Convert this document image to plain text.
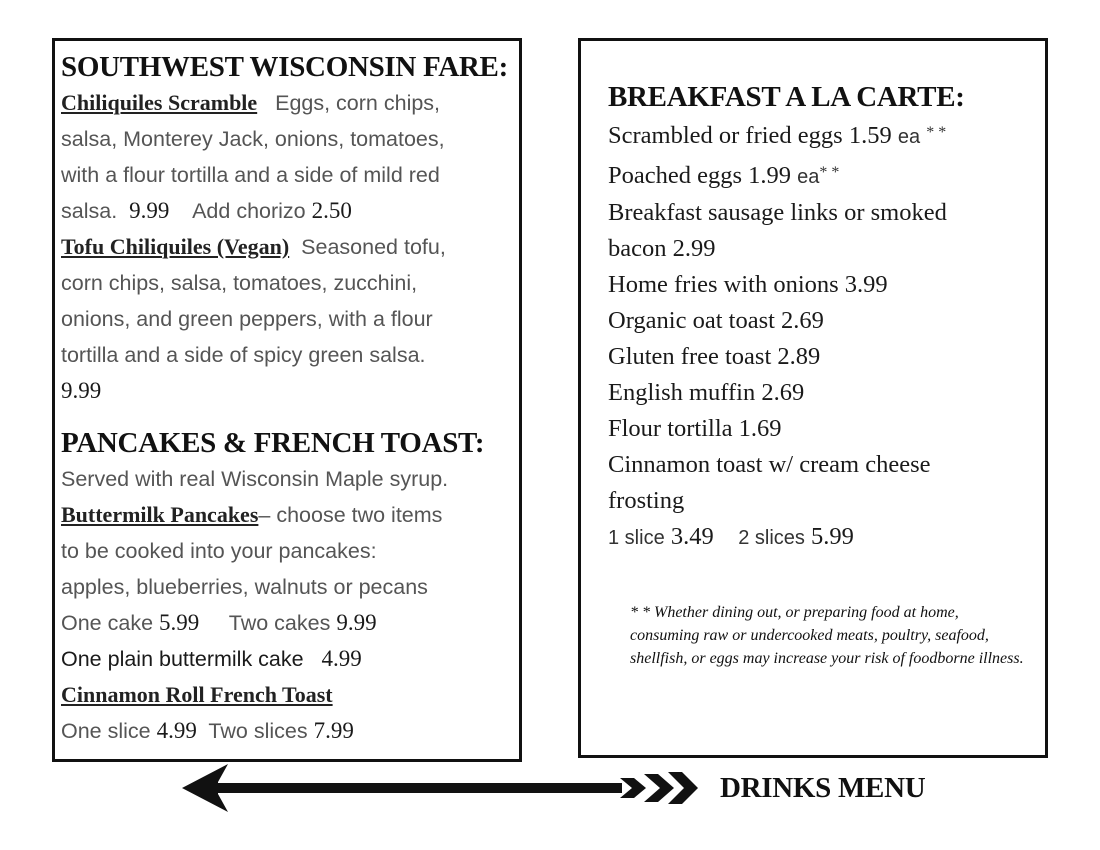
SOUTHWEST WISCONSIN FARE:
Chiliquiles Scramble Eggs, corn chips,
salsa, Monterey Jack, onions, tomatoes,
with a flour tortilla and a side of mild red
salsa. 9.99 Add chorizo 2.50
Tofu Chiliquiles (Vegan) Seasoned tofu,
corn chips, salsa, tomatoes, zucchini,
onions, and green peppers, with a flour
tortilla and a side of spicy green salsa.
9.99
PANCAKES & FRENCH TOAST:
Served with real Wisconsin Maple syrup.
Buttermilk Pancakes– choose two items
to be cooked into your pancakes:
apples, blueberries, walnuts or pecans
One cake 5.99 Two cakes 9.99
One plain buttermilk cake 4.99
Cinnamon Roll French Toast
One slice 4.99 Two slices 7.99
BREAKFAST A LA CARTE:
Scrambled or fried eggs 1.59 ea * *
Poached eggs 1.99 ea* *
Breakfast sausage links or smoked
bacon 2.99
Home fries with onions 3.99
Organic oat toast 2.69
Gluten free toast 2.89
English muffin 2.69
Flour tortilla 1.69
Cinnamon toast w/ cream cheese
frosting
1 slice 3.49 2 slices 5.99
* * Whether dining out, or preparing food at home, consuming raw or undercooked meats, poultry, seafood, shellfish, or eggs may increase your risk of foodborne illness.
DRINKS MENU
